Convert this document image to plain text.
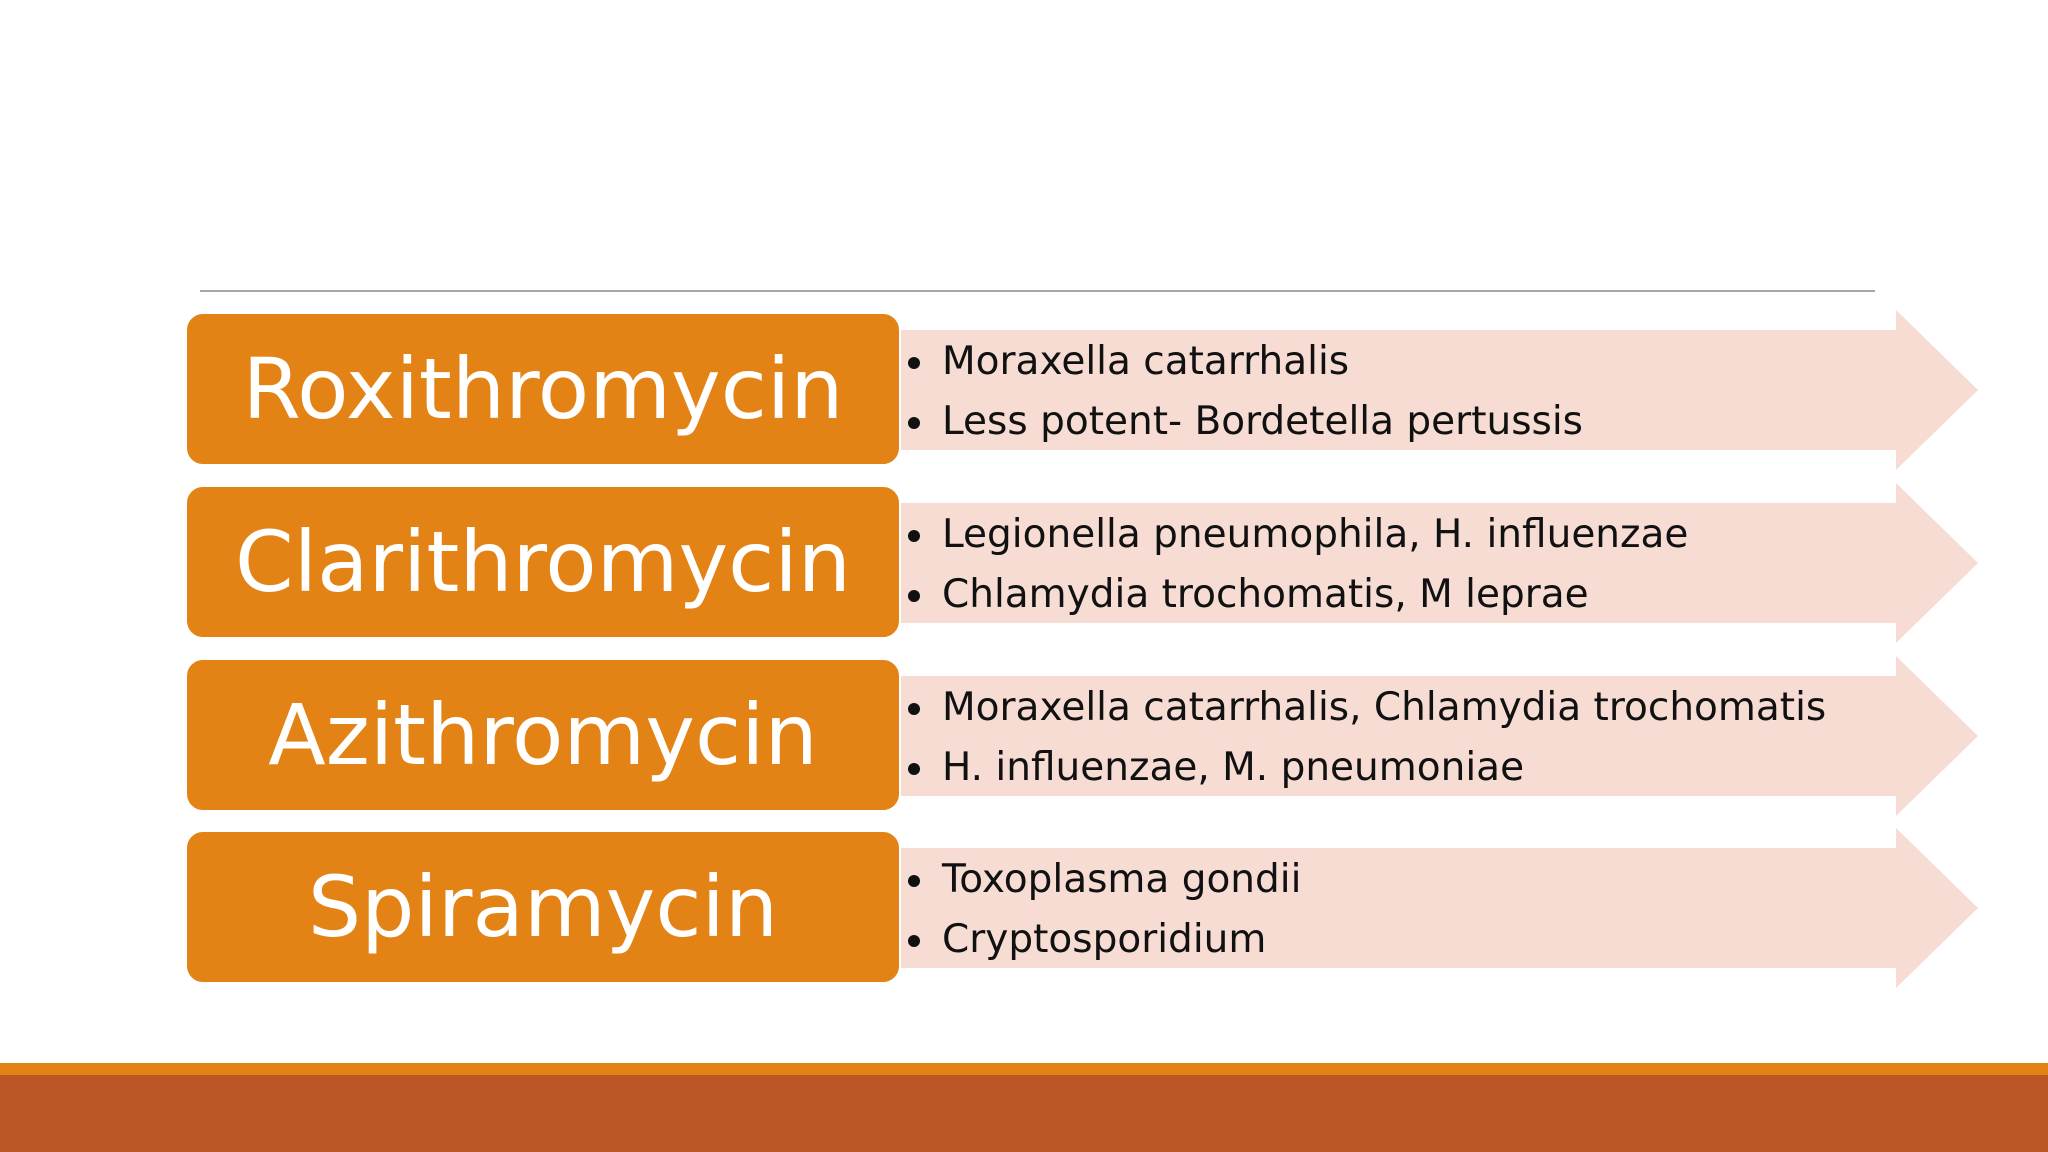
Roxithromycin	Moraxella catarrhalis
Less potent- Bordetella pertussis
Clarithromycin	Legionella pneumophila, H. influenzae
Chlamydia trochomatis, M leprae
Azithromycin	Moraxella catarrhalis, Chlamydia trochomatis
H. influenzae, M. pneumoniae
Spiramycin	Toxoplasma gondii
Cryptosporidium
